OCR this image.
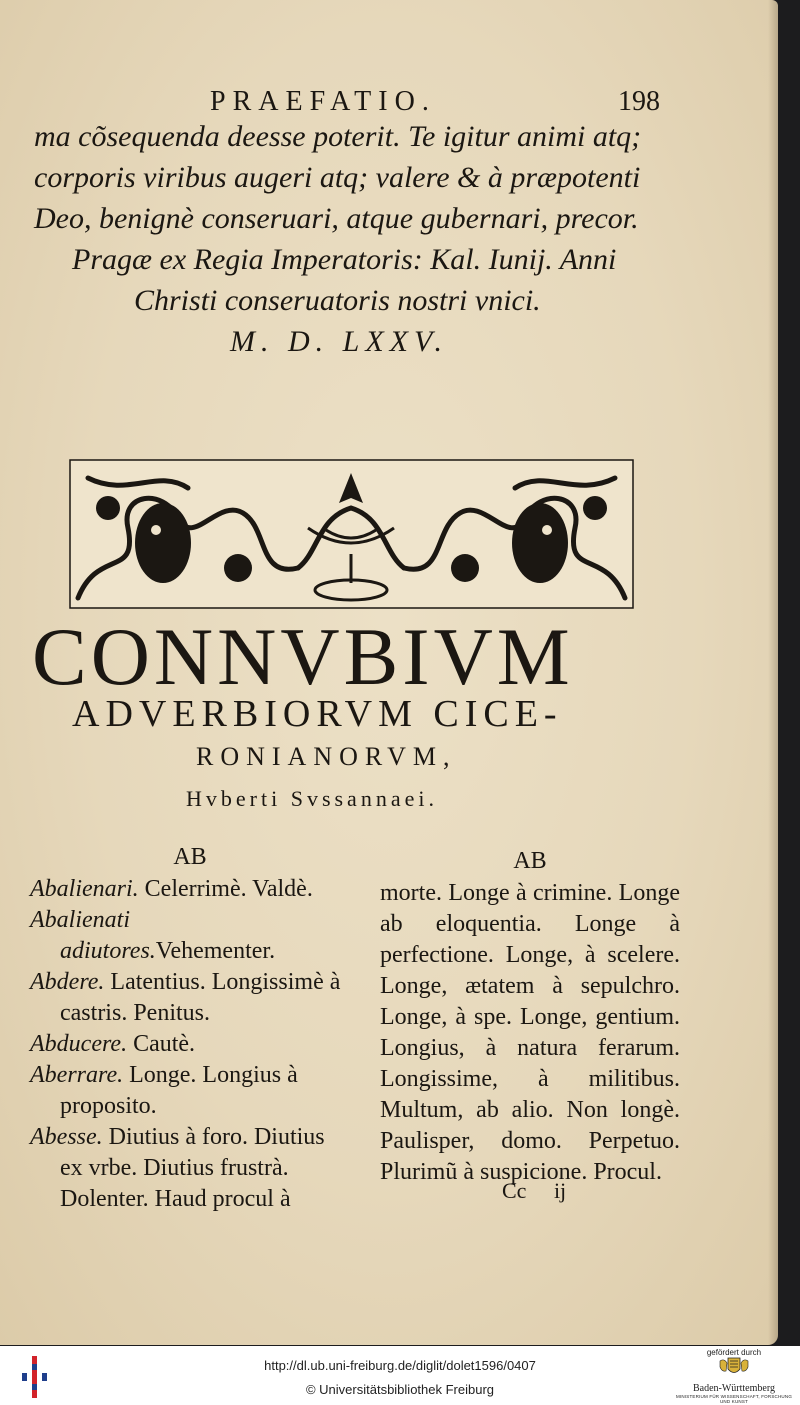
PRAEFATIO.	198
ma cõsequenda deesse poterit. Te igitur animi atq;
corporis viribus augeri atq; valere & à præpotenti
Deo, benignè conseruari, atque gubernari, precor.
Pragæ ex Regia Imperatoris: Kal. Iunij. Anni
Christi conseruatoris nostri vnici.
M. D. LXXV.
CONNVBIVM
ADVERBIORVM CICE-
RONIANORVM,
Hvberti Svssannaei.
AB

Abalienari. Celerrimè. Valdè.

Abalienati adiutores.Vehementer.

Abdere. Latentius. Longissimè à castris. Penitus.

Abducere. Cautè.

Aberrare. Longe. Longius à proposito.

Abesse. Diutius à foro. Diutius ex vrbe. Diutius frustrà. Dolenter. Haud procul à

AB
morte. Longe à crimine. Longe ab eloquentia. Longe à perfectione. Longe, à scelere. Longe, ætatem à sepulchro. Longe, à spe. Longe, gentium. Longius, à natura ferarum. Longissime, à militibus. Multum, ab alio. Non longè. Paulisper, domo. Perpetuo. Plurimũ à suspicione. Procul.
Cc ij
http://dl.ub.uni-freiburg.de/diglit/dolet1596/0407
© Universitätsbibliothek Freiburg
gefördert durch
Baden-Württemberg
MINISTERIUM FÜR WISSENSCHAFT, FORSCHUNG UND KUNST
